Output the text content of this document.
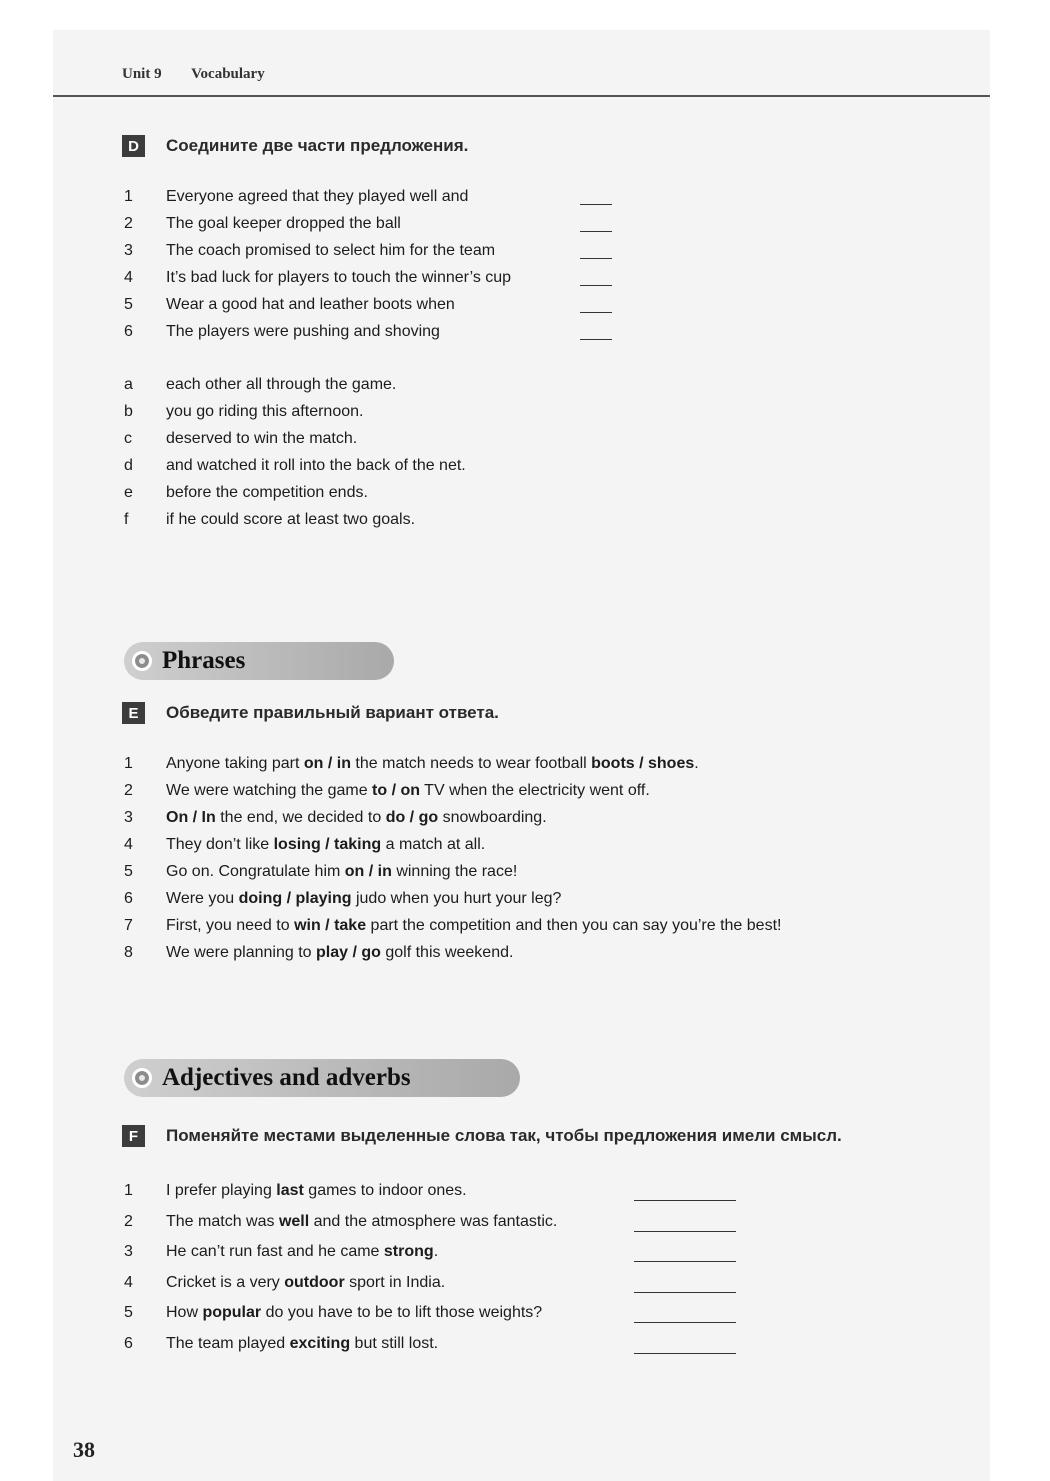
Unit 9 Vocabulary
D	Соедините две части предложения.
1 Everyone agreed that they played well and
2 The goal keeper dropped the ball
3 The coach promised to select him for the team
4 It’s bad luck for players to touch the winner’s cup
5 Wear a good hat and leather boots when
6 The players were pushing and shoving
a each other all through the game.
b you go riding this afternoon.
c deserved to win the match.
d and watched it roll into the back of the net.
e before the competition ends.
f if he could score at least two goals.
Phrases
E	Обведите правильный вариант ответа.
1 Anyone taking part on / in the match needs to wear football boots / shoes.
2 We were watching the game to / on TV when the electricity went off.
3 On / In the end, we decided to do / go snowboarding.
4 They don’t like losing / taking a match at all.
5 Go on. Congratulate him on / in winning the race!
6 Were you doing / playing judo when you hurt your leg?
7 First, you need to win / take part the competition and then you can say you’re the best!
8 We were planning to play / go golf this weekend.
Adjectives and adverbs
F	Поменяйте местами выделенные слова так, чтобы предложения имели смысл.
1 I prefer playing last games to indoor ones.
2 The match was well and the atmosphere was fantastic.
3 He can’t run fast and he came strong.
4 Cricket is a very outdoor sport in India.
5 How popular do you have to be to lift those weights?
6 The team played exciting but still lost.
38
